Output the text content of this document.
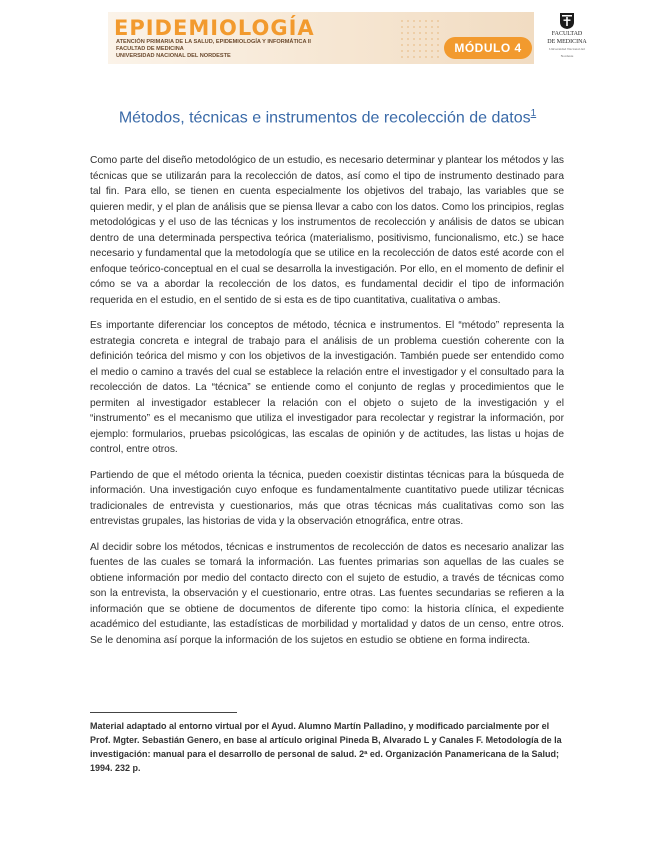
EPIDEMIOLOGÍA
ATENCIÓN PRIMARIA DE LA SALUD, EPIDEMIOLOGÍA Y INFORMÁTICA II
FACULTAD DE MEDICINA
UNIVERSIDAD NACIONAL DEL NORDESTE
MÓDULO 4
FACULTAD
DE MEDICINA
Universidad Nacional del Nordeste
Métodos, técnicas e instrumentos de recolección de datos$^1$

Como parte del diseño metodológico de un estudio, es necesario determinar y plantear los métodos y las técnicas que se utilizarán para la recolección de datos, así como el tipo de instrumento destinado para tal fin. Para ello, se tienen en cuenta especialmente los objetivos del trabajo, las variables que se quieren medir, y el plan de análisis que se piensa llevar a cabo con los datos. Como los principios, reglas metodológicas y el uso de las técnicas y los instrumentos de recolección y análisis de datos se ubican dentro de una determinada perspectiva teórica (materialismo, positivismo, funcionalismo, etc.) se hace necesario y fundamental que la metodología que se utilice en la recolección de datos esté acorde con el enfoque teórico-conceptual en el cual se desarrolla la investigación. Por ello, en el momento de definir el cómo se va a abordar la recolección de los datos, es fundamental decidir el tipo de información requerida en el estudio, en el sentido de si esta es de tipo cuantitativa, cualitativa o ambas.

Es importante diferenciar los conceptos de método, técnica e instrumentos. El “método” representa la estrategia concreta e integral de trabajo para el análisis de un problema cuestión coherente con la definición teórica del mismo y con los objetivos de la investigación. También puede ser entendido como el medio o camino a través del cual se establece la relación entre el investigador y el consultado para la recolección de datos. La “técnica” se entiende como el conjunto de reglas y procedimientos que le permiten al investigador establecer la relación con el objeto o sujeto de la investigación y el “instrumento” es el mecanismo que utiliza el investigador para recolectar y registrar la información, por ejemplo: formularios, pruebas psicológicas, las escalas de opinión y de actitudes, las listas u hojas de control, entre otros.

Partiendo de que el método orienta la técnica, pueden coexistir distintas técnicas para la búsqueda de información. Una investigación cuyo enfoque es fundamentalmente cuantitativo puede utilizar técnicas tradicionales de entrevista y cuestionarios, más que otras técnicas más cualitativas como son las entrevistas grupales, las historias de vida y la observación etnográfica, entre otras.

Al decidir sobre los métodos, técnicas e instrumentos de recolección de datos es necesario analizar las fuentes de las cuales se tomará la información. Las fuentes primarias son aquellas de las cuales se obtiene información por medio del contacto directo con el sujeto de estudio, a través de técnicas como son la entrevista, la observación y el cuestionario, entre otras. Las fuentes secundarias se refieren a la información que se obtiene de documentos de diferente tipo como: la historia clínica, el expediente académico del estudiante, las estadísticas de morbilidad y mortalidad y datos de un censo, entre otros. Se le denomina así porque la información de los sujetos en estudio se obtiene en forma indirecta.

Material adaptado al entorno virtual por el Ayud. Alumno Martín Palladino, y modificado parcialmente por el Prof. Mgter. Sebastián Genero, en base al artículo original Pineda B, Alvarado L y Canales F. Metodología de la investigación: manual para el desarrollo de personal de salud. 2ª ed. Organización Panamericana de la Salud; 1994. 232 p.
